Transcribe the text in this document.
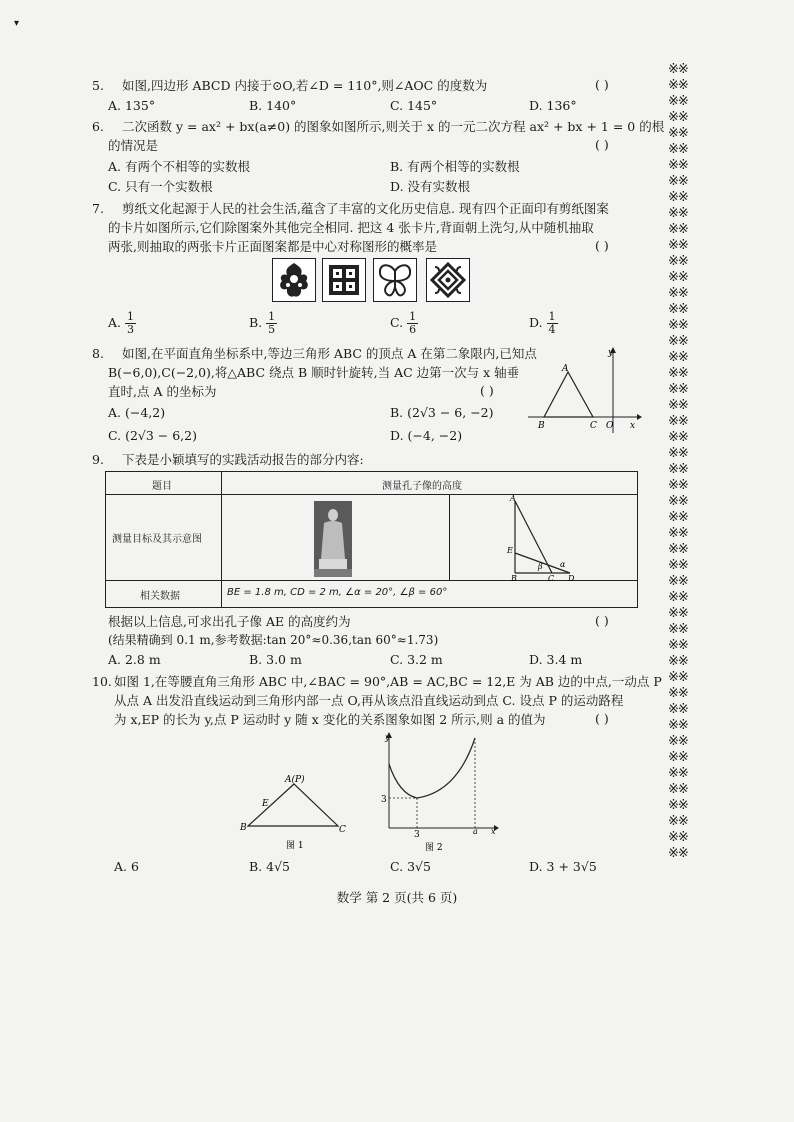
▾
※※
※※
※※
※※
※※
※※
※※
※※
※※
※※
※※
※※
※※
※※
※※
※※
※※
※※
※※
※※
※※
※※
※※
※※
※※
※※
※※
※※
※※
※※
※※
※※
※※
※※
※※
※※
※※
※※
※※
※※
※※
※※
※※
※※
※※
※※
※※
※※
※※
※※
5. 如图,四边形 ABCD 内接于⊙O,若∠D = 110°,则∠AOC 的度数为	( )
A. 135°	B. 140°	C. 145°	D. 136°
6. 二次函数 y = ax² + bx(a≠0) 的图象如图所示,则关于 x 的一元二次方程 ax² + bx + 1 = 0 的根
的情况是	( )
A. 有两个不相等的实数根	B. 有两个相等的实数根
C. 只有一个实数根	D. 没有实数根
7. 剪纸文化起源于人民的社会生活,蕴含了丰富的文化历史信息. 现有四个正面印有剪纸图案
的卡片如图所示,它们除图案外其他完全相同. 把这 4 张卡片,背面朝上洗匀,从中随机抽取
两张,则抽取的两张卡片正面图案都是中心对称图形的概率是	( )
A. $\frac{1}{3}$	B. $\frac{1}{5}$	C. $\frac{1}{6}$	D. $\frac{1}{4}$
8. 如图,在平面直角坐标系中,等边三角形 ABC 的顶点 A 在第二象限内,已知点
B(−6,0),C(−2,0),将△ABC 绕点 B 顺时针旋转,当 AC 边第一次与 x 轴垂
直时,点 A 的坐标为	( )
A. (−4,2)	B. (2√3 − 6, −2)
C. (2√3 − 6,2)	D. (−4, −2)
y
A
B	C O x
9. 下表是小颖填写的实践活动报告的部分内容:
题目	测量孔子像的高度
测量目标及其示意图
相关数据	BE = 1.8 m, CD = 2 m, ∠α = 20°, ∠β = 60°
A
E
B	C D
β α
根据以上信息,可求出孔子像 AE 的高度约为	( )
(结果精确到 0.1 m,参考数据:tan 20°≈0.36,tan 60°≈1.73)
A. 2.8 m	B. 3.0 m	C. 3.2 m	D. 3.4 m
10. 如图 1,在等腰直角三角形 ABC 中,∠BAC = 90°,AB = AC,BC = 12,E 为 AB 边的中点,一动点 P
从点 A 出发沿直线运动到三角形内部一点 O,再从该点沿直线运动到点 C. 设点 P 的运动路程
为 x,EP 的长为 y,点 P 运动时 y 随 x 变化的关系图象如图 2 所示,则 a 的值为	( )
A(P)
E
B	C
图 1
y
3
3	a x
图 2
A. 6	B. 4√5	C. 3√5	D. 3 + 3√5
数学 第 2 页(共 6 页)
